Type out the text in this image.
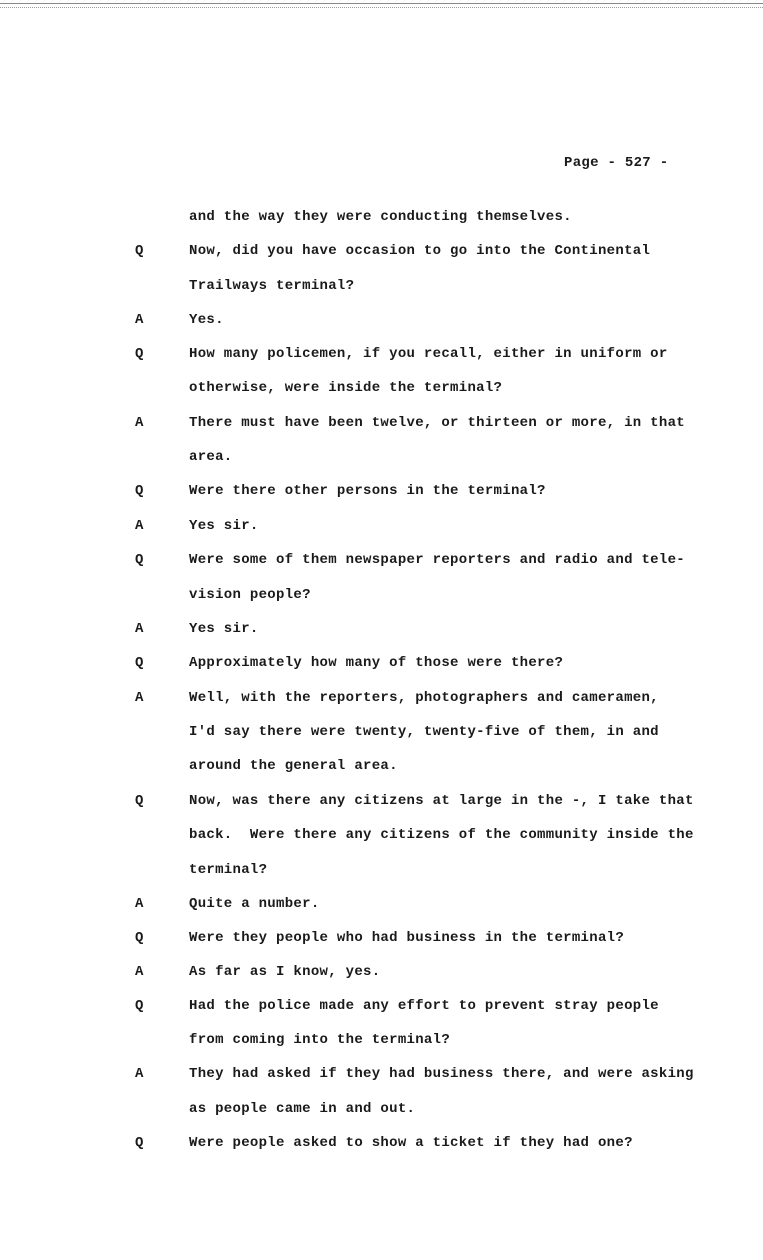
Page - 527 -
and the way they were conducting themselves.
Q	Now, did you have occasion to go into the Continental
Trailways terminal?
A	Yes.
Q	How many policemen, if you recall, either in uniform or
otherwise, were inside the terminal?
A	There must have been twelve, or thirteen or more, in that
area.
Q	Were there other persons in the terminal?
A	Yes sir.
Q	Were some of them newspaper reporters and radio and tele-
vision people?
A	Yes sir.
Q	Approximately how many of those were there?
A	Well, with the reporters, photographers and cameramen,
I'd say there were twenty, twenty-five of them, in and
around the general area.
Q	Now, was there any citizens at large in the -, I take that
back.  Were there any citizens of the community inside the
terminal?
A	Quite a number.
Q	Were they people who had business in the terminal?
A	As far as I know, yes.
Q	Had the police made any effort to prevent stray people
from coming into the terminal?
A	They had asked if they had business there, and were asking
as people came in and out.
Q	Were people asked to show a ticket if they had one?
